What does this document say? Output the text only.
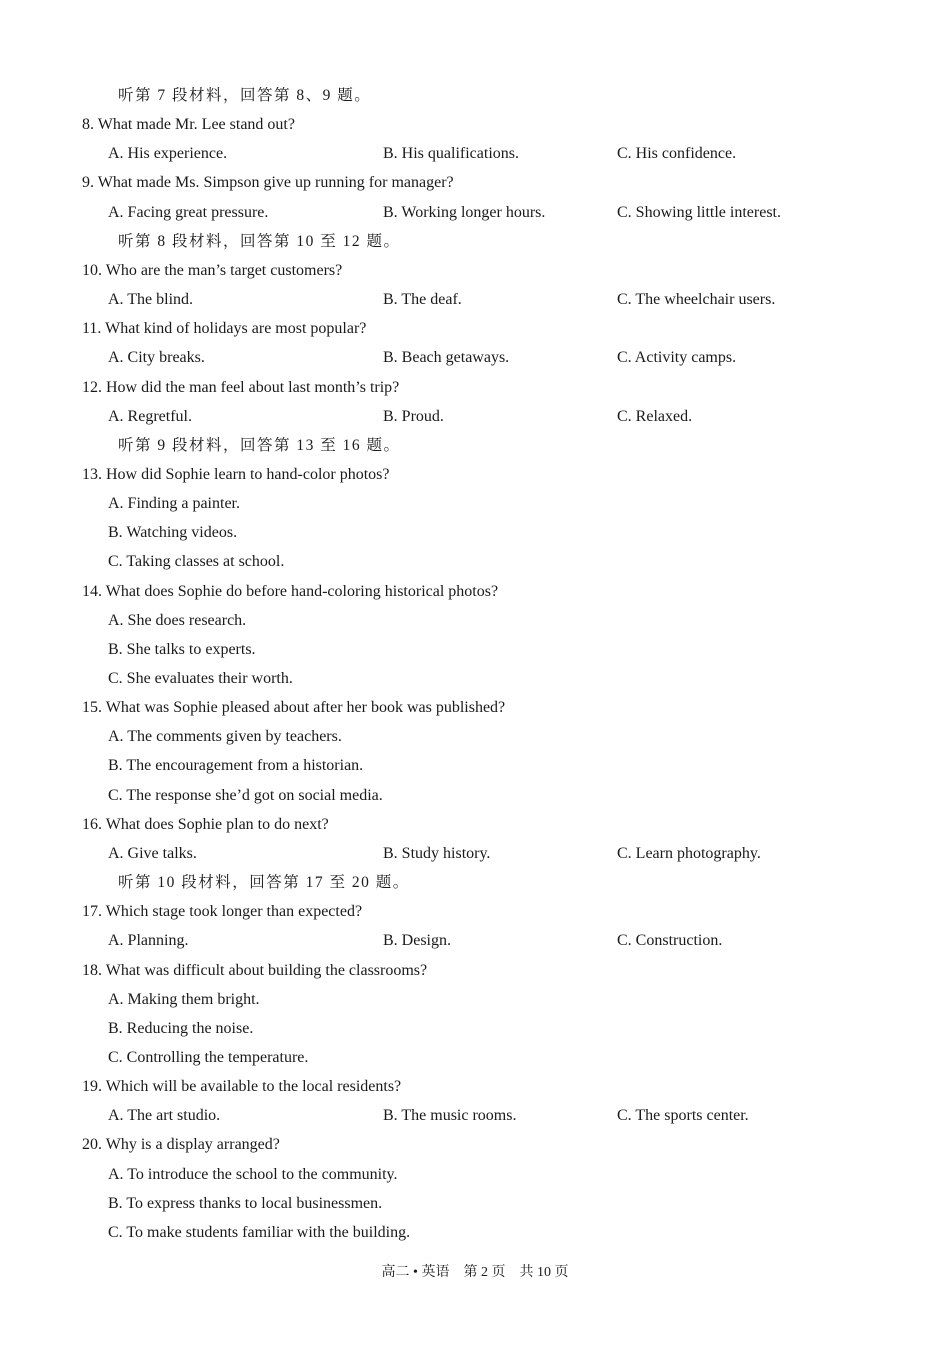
听第 7 段材料，回答第 8、9 题。
8. What made Mr. Lee stand out?
A. His experience.	B. His qualifications.	C. His confidence.
9. What made Ms. Simpson give up running for manager?
A. Facing great pressure.	B. Working longer hours.	C. Showing little interest.
听第 8 段材料，回答第 10 至 12 题。
10. Who are the man’s target customers?
A. The blind.	B. The deaf.	C. The wheelchair users.
11. What kind of holidays are most popular?
A. City breaks.	B. Beach getaways.	C. Activity camps.
12. How did the man feel about last month’s trip?
A. Regretful.	B. Proud.	C. Relaxed.
听第 9 段材料，回答第 13 至 16 题。
13. How did Sophie learn to hand-color photos?
A. Finding a painter.
B. Watching videos.
C. Taking classes at school.
14. What does Sophie do before hand-coloring historical photos?
A. She does research.
B. She talks to experts.
C. She evaluates their worth.
15. What was Sophie pleased about after her book was published?
A. The comments given by teachers.
B. The encouragement from a historian.
C. The response she’d got on social media.
16. What does Sophie plan to do next?
A. Give talks.	B. Study history.	C. Learn photography.
听第 10 段材料，回答第 17 至 20 题。
17. Which stage took longer than expected?
A. Planning.	B. Design.	C. Construction.
18. What was difficult about building the classrooms?
A. Making them bright.
B. Reducing the noise.
C. Controlling the temperature.
19. Which will be available to the local residents?
A. The art studio.	B. The music rooms.	C. The sports center.
20. Why is a display arranged?
A. To introduce the school to the community.
B. To express thanks to local businessmen.
C. To make students familiar with the building.
高二 • 英语　第 2 页　共 10 页
